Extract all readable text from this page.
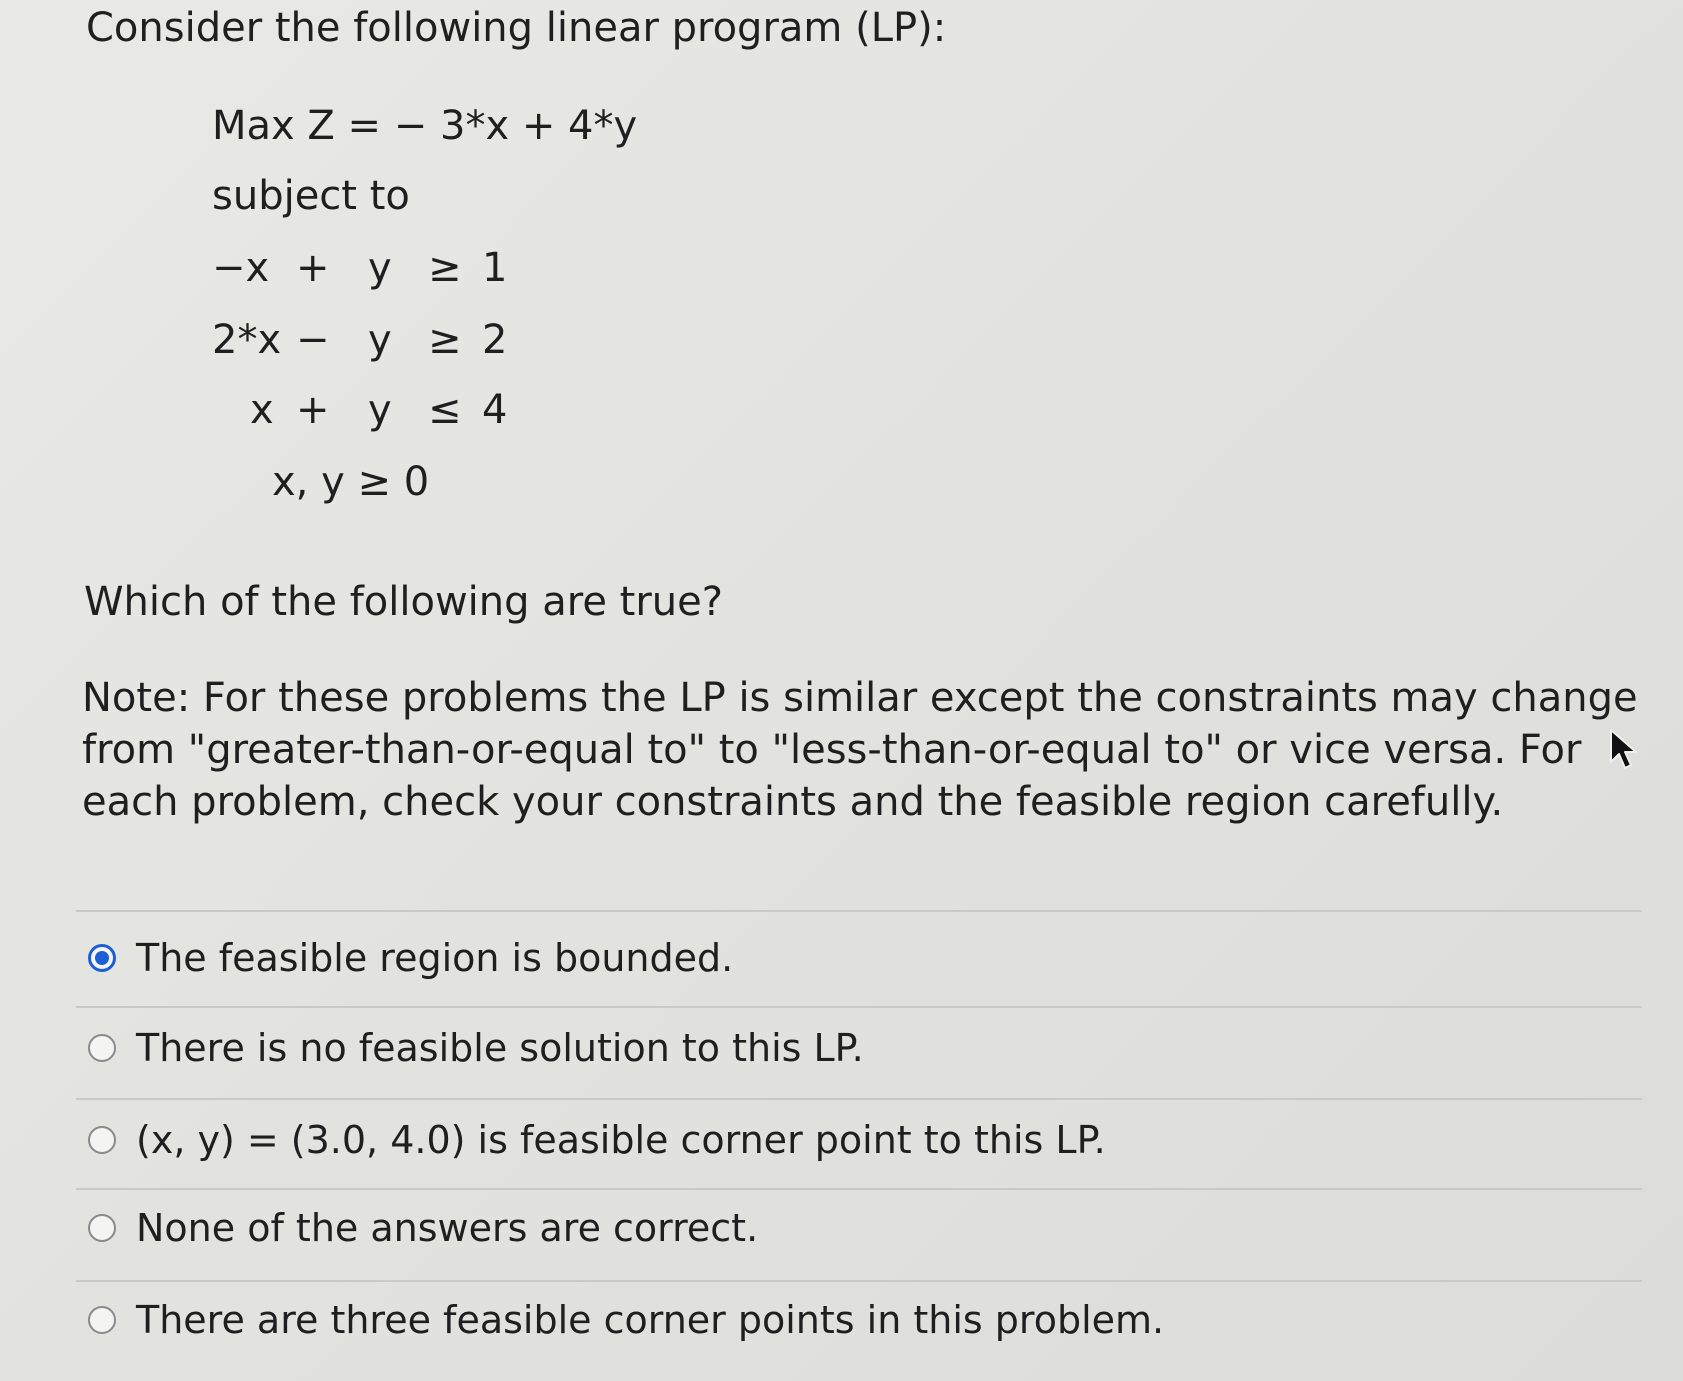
Consider the following linear program (LP):

Max Z = − 3*x + 4*y
subject to
−x + y ≥ 1
2*x − y ≥ 2
x + y ≤ 4
x, y ≥ 0

Which of the following are true?

Note: For these problems the LP is similar except the constraints may change from "greater-than-or-equal to" to "less-than-or-equal to" or vice versa. For each problem, check your constraints and the feasible region carefully.

The feasible region is bounded.
There is no feasible solution to this LP.
(x, y) = (3.0, 4.0) is feasible corner point to this LP.
None of the answers are correct.
There are three feasible corner points in this problem.
